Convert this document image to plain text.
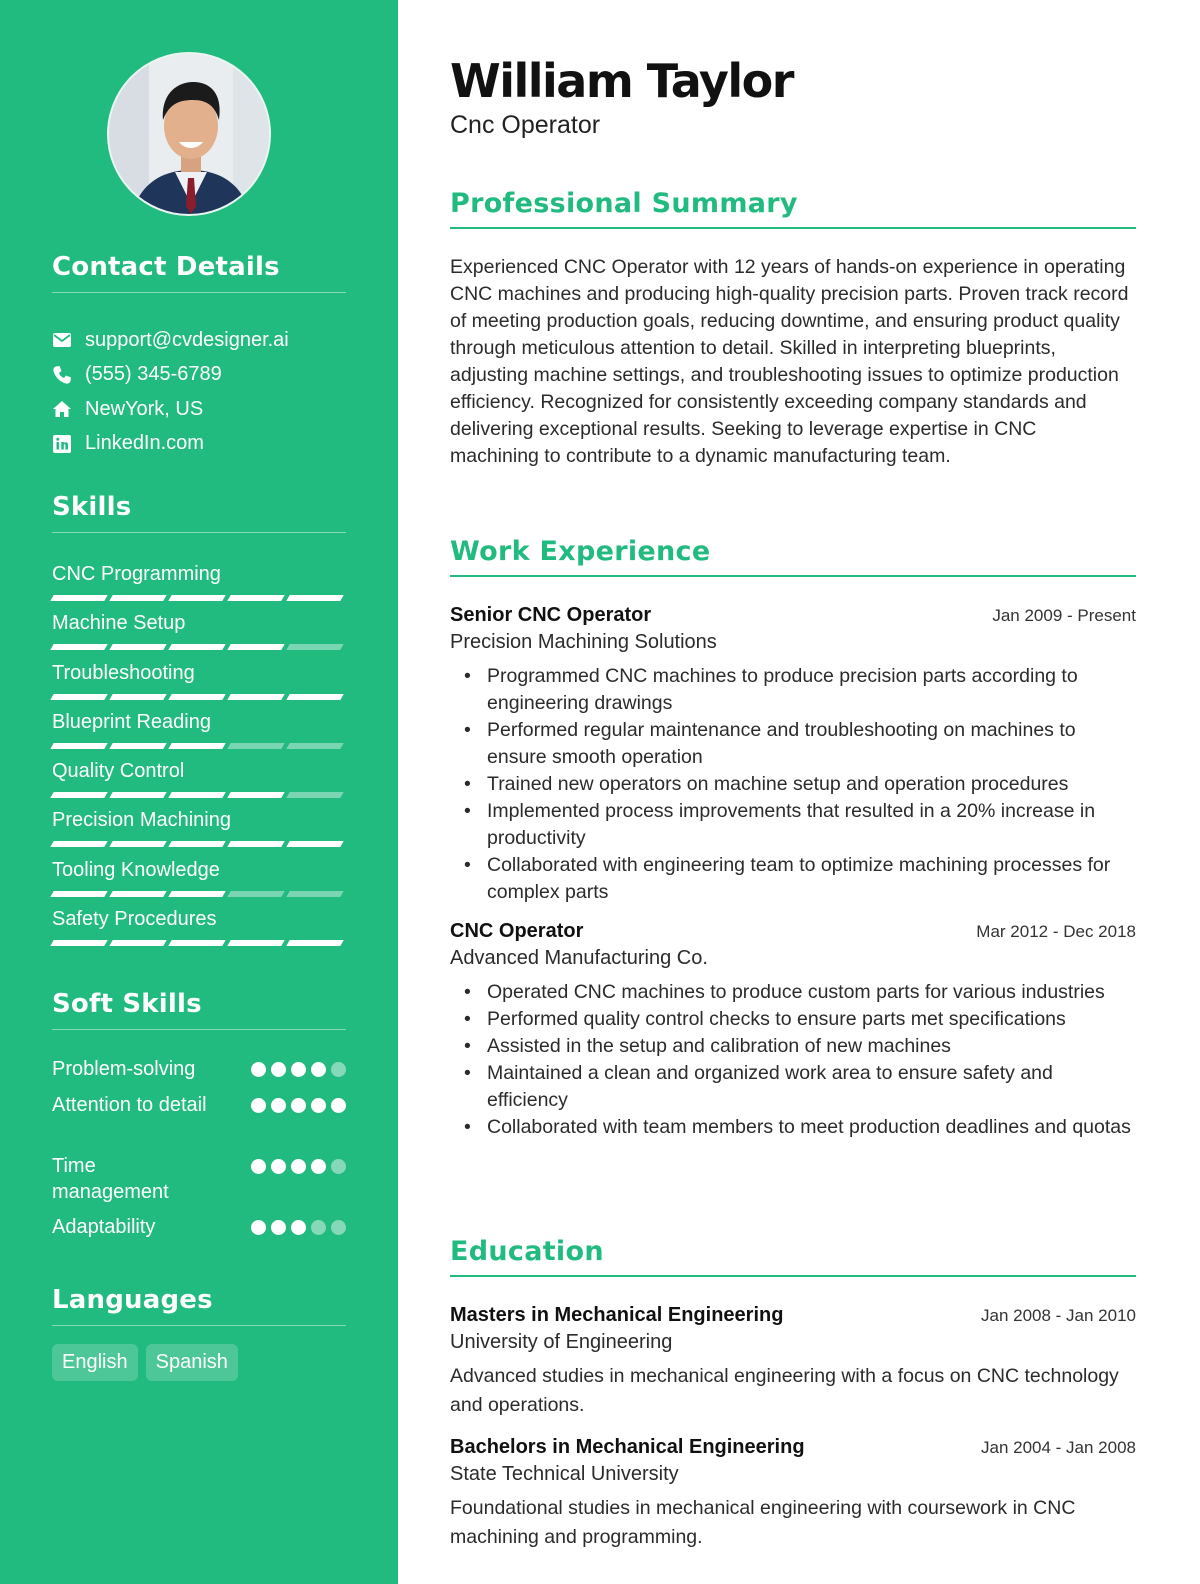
Contact Details
support@cvdesigner.ai
(555) 345-6789
NewYork, US
LinkedIn.com
Skills
CNC Programming
Machine Setup
Troubleshooting
Blueprint Reading
Quality Control
Precision Machining
Tooling Knowledge
Safety Procedures
Soft Skills
Problem-solving
Attention to detail
Time management
Adaptability
Languages
English	Spanish
William Taylor
Cnc Operator
Professional Summary

Experienced CNC Operator with 12 years of hands-on experience in operating CNC machines and producing high-quality precision parts. Proven track record of meeting production goals, reducing downtime, and ensuring product quality through meticulous attention to detail. Skilled in interpreting blueprints, adjusting machine settings, and troubleshooting issues to optimize production efficiency. Recognized for consistently exceeding company standards and delivering exceptional results. Seeking to leverage expertise in CNC machining to contribute to a dynamic manufacturing team.

Work Experience
Senior CNC Operator	Jan 2009 - Present
Precision Machining Solutions
• Programmed CNC machines to produce precision parts according to engineering drawings
• Performed regular maintenance and troubleshooting on machines to ensure smooth operation
• Trained new operators on machine setup and operation procedures
• Implemented process improvements that resulted in a 20% increase in productivity
• Collaborated with engineering team to optimize machining processes for complex parts
CNC Operator	Mar 2012 - Dec 2018
Advanced Manufacturing Co.
• Operated CNC machines to produce custom parts for various industries
• Performed quality control checks to ensure parts met specifications
• Assisted in the setup and calibration of new machines
• Maintained a clean and organized work area to ensure safety and efficiency
• Collaborated with team members to meet production deadlines and quotas
Education
Masters in Mechanical Engineering	Jan 2008 - Jan 2010
University of Engineering

Advanced studies in mechanical engineering with a focus on CNC technology and operations.

Bachelors in Mechanical Engineering	Jan 2004 - Jan 2008
State Technical University

Foundational studies in mechanical engineering with coursework in CNC machining and programming.
